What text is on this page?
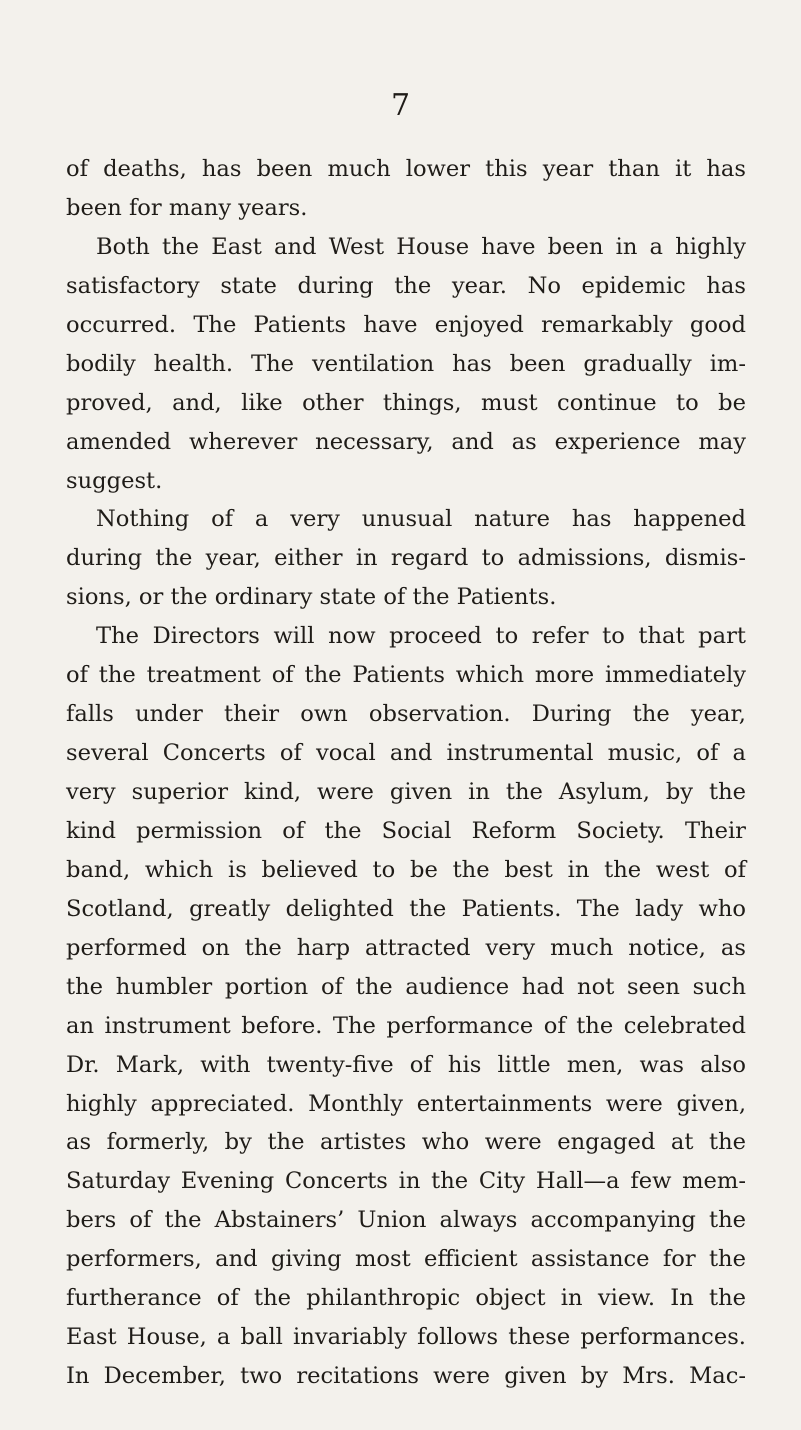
7
of deaths, has been much lower this year than it has
been for many years.
Both the East and West House have been in a highly
satisfactory state during the year. No epidemic has
occurred. The Patients have enjoyed remarkably good
bodily health. The ventilation has been gradually im-
proved, and, like other things, must continue to be
amended wherever necessary, and as experience may
suggest.
Nothing of a very unusual nature has happened
during the year, either in regard to admissions, dismis-
sions, or the ordinary state of the Patients.
The Directors will now proceed to refer to that part
of the treatment of the Patients which more immediately
falls under their own observation. During the year,
several Concerts of vocal and instrumental music, of a
very superior kind, were given in the Asylum, by the
kind permission of the Social Reform Society. Their
band, which is believed to be the best in the west of
Scotland, greatly delighted the Patients. The lady who
performed on the harp attracted very much notice, as
the humbler portion of the audience had not seen such
an instrument before. The performance of the celebrated
Dr. Mark, with twenty-five of his little men, was also
highly appreciated. Monthly entertainments were given,
as formerly, by the artistes who were engaged at the
Saturday Evening Concerts in the City Hall—a few mem-
bers of the Abstainers’ Union always accompanying the
performers, and giving most efficient assistance for the
furtherance of the philanthropic object in view. In the
East House, a ball invariably follows these performances.
In December, two recitations were given by Mrs. Mac-
